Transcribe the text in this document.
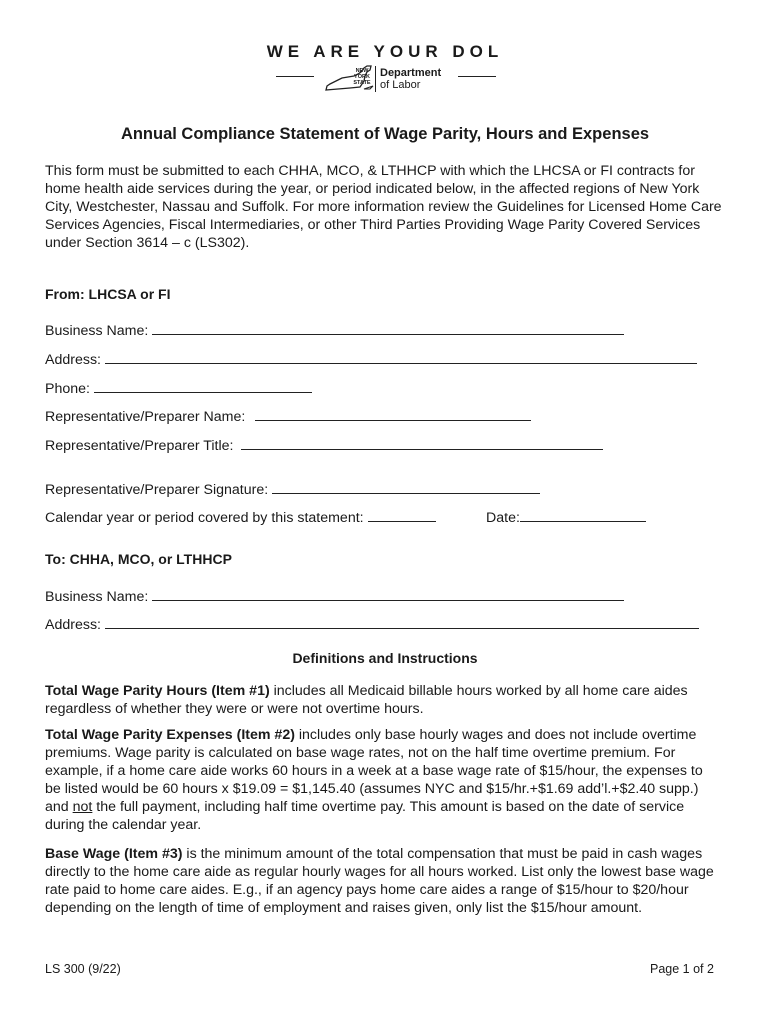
WE ARE YOUR DOL
NEW
YORK
STATE
Department
of Labor
Annual Compliance Statement of Wage Parity, Hours and Expenses
This form must be submitted to each CHHA, MCO, & LTHHCP with which the LHCSA or FI contracts for home health aide services during the year, or period indicated below, in the affected regions of New York City, Westchester, Nassau and Suffolk. For more information review the Guidelines for Licensed Home Care Services Agencies, Fiscal Intermediaries, or other Third Parties Providing Wage Parity Covered Services under Section 3614 – c (LS302).
From: LHCSA or FI
Business Name:
Address:
Phone:
Representative/Preparer Name:
Representative/Preparer Title:
Representative/Preparer Signature:
Calendar year or period covered by this statement:	Date:
To: CHHA, MCO, or LTHHCP
Business Name:
Address:
Definitions and Instructions
Total Wage Parity Hours (Item #1) includes all Medicaid billable hours worked by all home care aides regardless of whether they were or were not overtime hours.
Total Wage Parity Expenses (Item #2) includes only base hourly wages and does not include overtime premiums. Wage parity is calculated on base wage rates, not on the half time overtime premium. For example, if a home care aide works 60 hours in a week at a base wage rate of $15/hour, the expenses to be listed would be 60 hours x $19.09 = $1,145.40 (assumes NYC and $15/hr.+$1.69 add’l.+$2.40 supp.) and not the full payment, including half time overtime pay. This amount is based on the date of service during the calendar year.
Base Wage (Item #3) is the minimum amount of the total compensation that must be paid in cash wages directly to the home care aide as regular hourly wages for all hours worked. List only the lowest base wage rate paid to home care aides. E.g., if an agency pays home care aides a range of $15/hour to $20/hour depending on the length of time of employment and raises given, only list the $15/hour amount.
LS 300 (9/22)	Page 1 of 2
